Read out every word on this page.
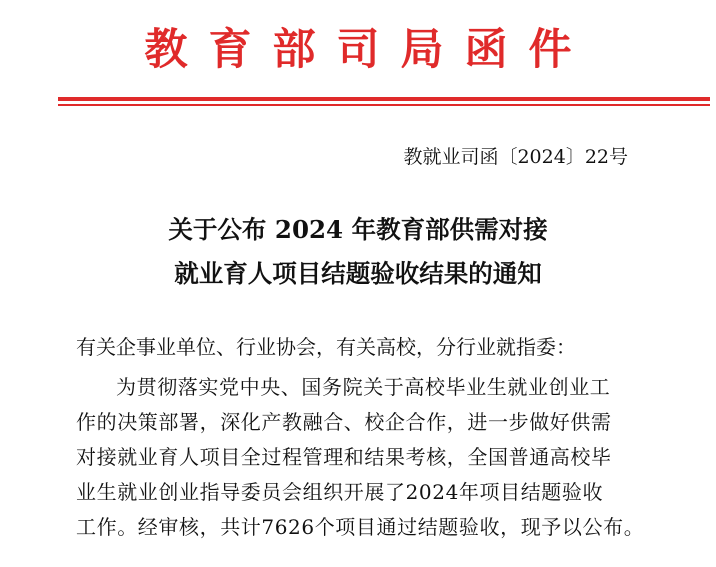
教育部司局函件
教就业司函〔2024〕22号
关于公布 2024 年教育部供需对接
就业育人项目结题验收结果的通知
有关企事业单位、行业协会，有关高校，分行业就指委：
为贯彻落实党中央、国务院关于高校毕业生就业创业工
作的决策部署，深化产教融合、校企合作，进一步做好供需
对接就业育人项目全过程管理和结果考核，全国普通高校毕
业生就业创业指导委员会组织开展了2024年项目结题验收
工作。经审核，共计7626个项目通过结题验收，现予以公布。
